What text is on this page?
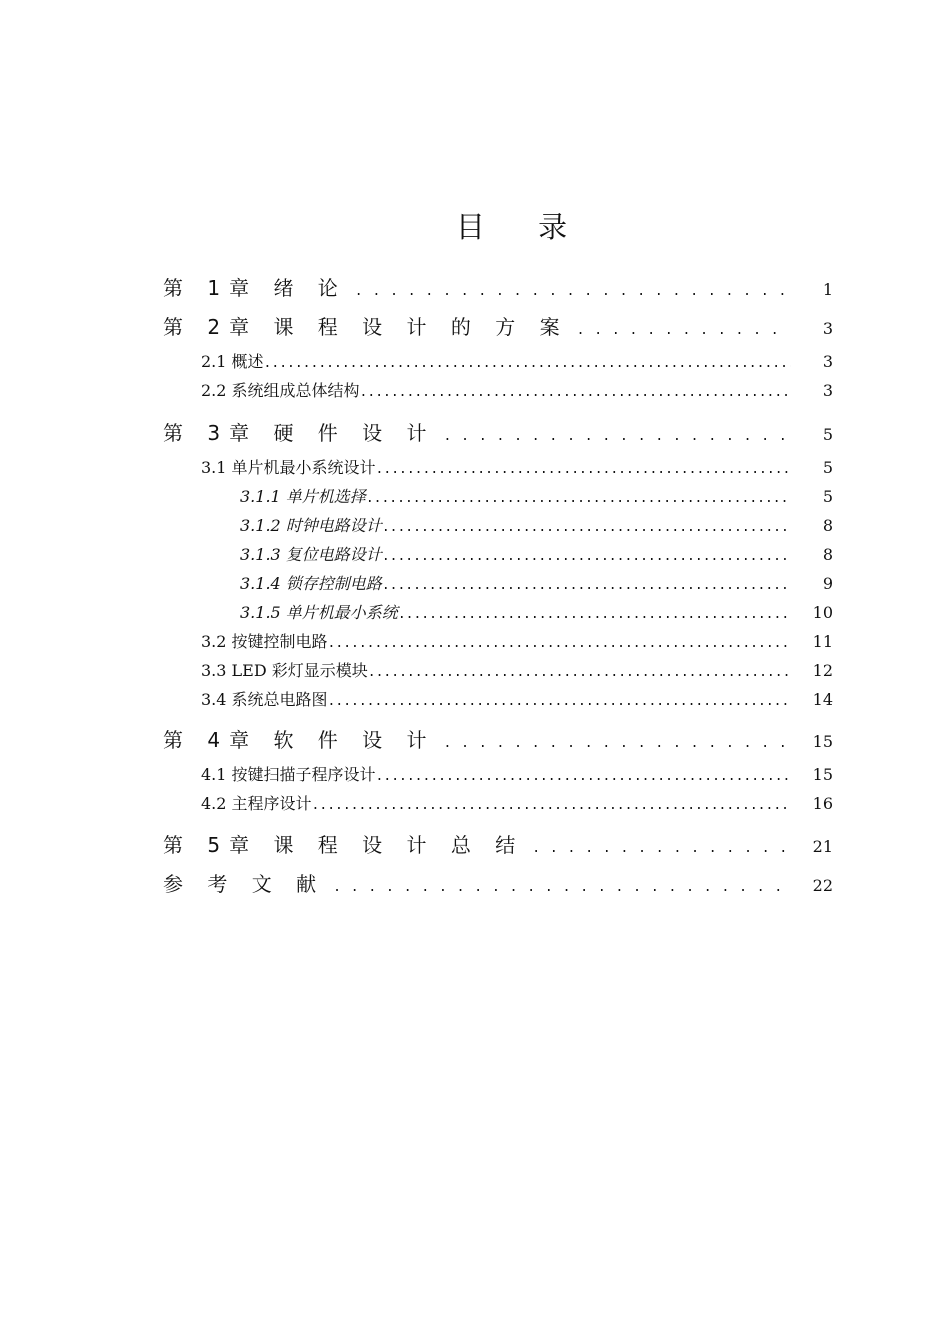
目 录
第 1章 绪 论 . . .	1
第 2章 课 程 设 计 的 方 案 . . .	3
2.1 概述 .....	3
2.2 系统组成总体结构 .....	3
第 3章 硬 件 设 计 . . .	5
3.1 单片机最小系统设计 .....	5
3.1.1 单片机选择 .....	5
3.1.2 时钟电路设计 .....	8
3.1.3 复位电路设计 .....	8
3.1.4 锁存控制电路 .....	9
3.1.5 单片机最小系统 .....	10
3.2 按键控制电路 .....	11
3.3 LED 彩灯显示模块 .....	12
3.4 系统总电路图 .....	14
第 4章 软 件 设 计 . . .	15
4.1 按键扫描子程序设计 .....	15
4.2 主程序设计 .....	16
第 5章 课 程 设 计 总 结 . . .	21
参 考 文 献 . . .	22
